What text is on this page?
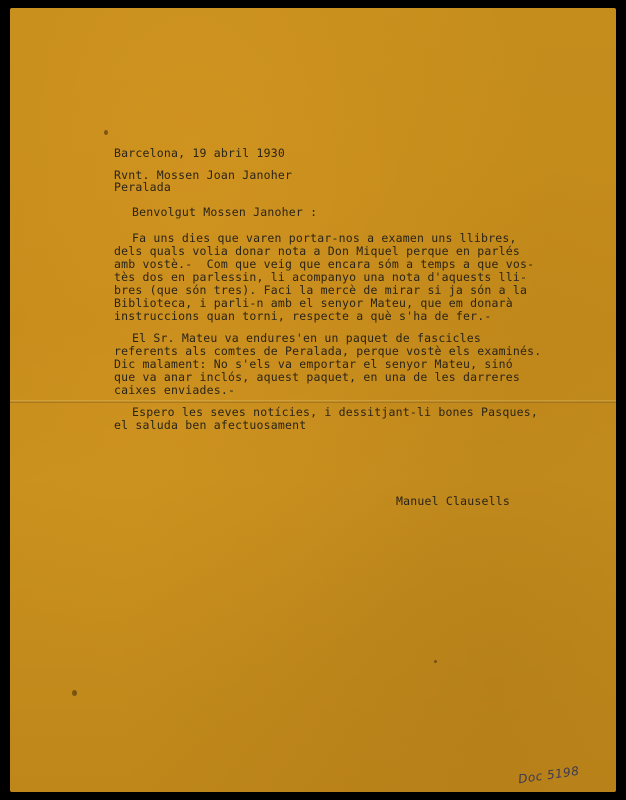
Barcelona, 19 abril 1930
Rvnt. Mossen Joan Janoher
Peralada
Benvolgut Mossen Janoher :
Fa uns dies que varen portar-nos a examen uns llibres,
dels quals volia donar nota a Don Miquel perque en parlés
amb vostè.-  Com que veig que encara sóm a temps a que vos-
tès dos en parlessin, li acompanyo una nota d'aquests lli-
bres (que són tres). Faci la mercè de mirar si ja són a la
Biblioteca, i parli-n amb el senyor Mateu, que em donarà
instruccions quan torni, respecte a què s'ha de fer.-
El Sr. Mateu va endures'en un paquet de fascicles
referents als comtes de Peralada, perque vostè els examinés.
Dic malament: No s'els va emportar el senyor Mateu, sinó
que va anar inclós, aquest paquet, en una de les darreres
caixes enviades.-
Espero les seves notícies, i dessitjant-li bones Pasques,
el saluda ben afectuosament
Manuel Clausells
Doc 5198
